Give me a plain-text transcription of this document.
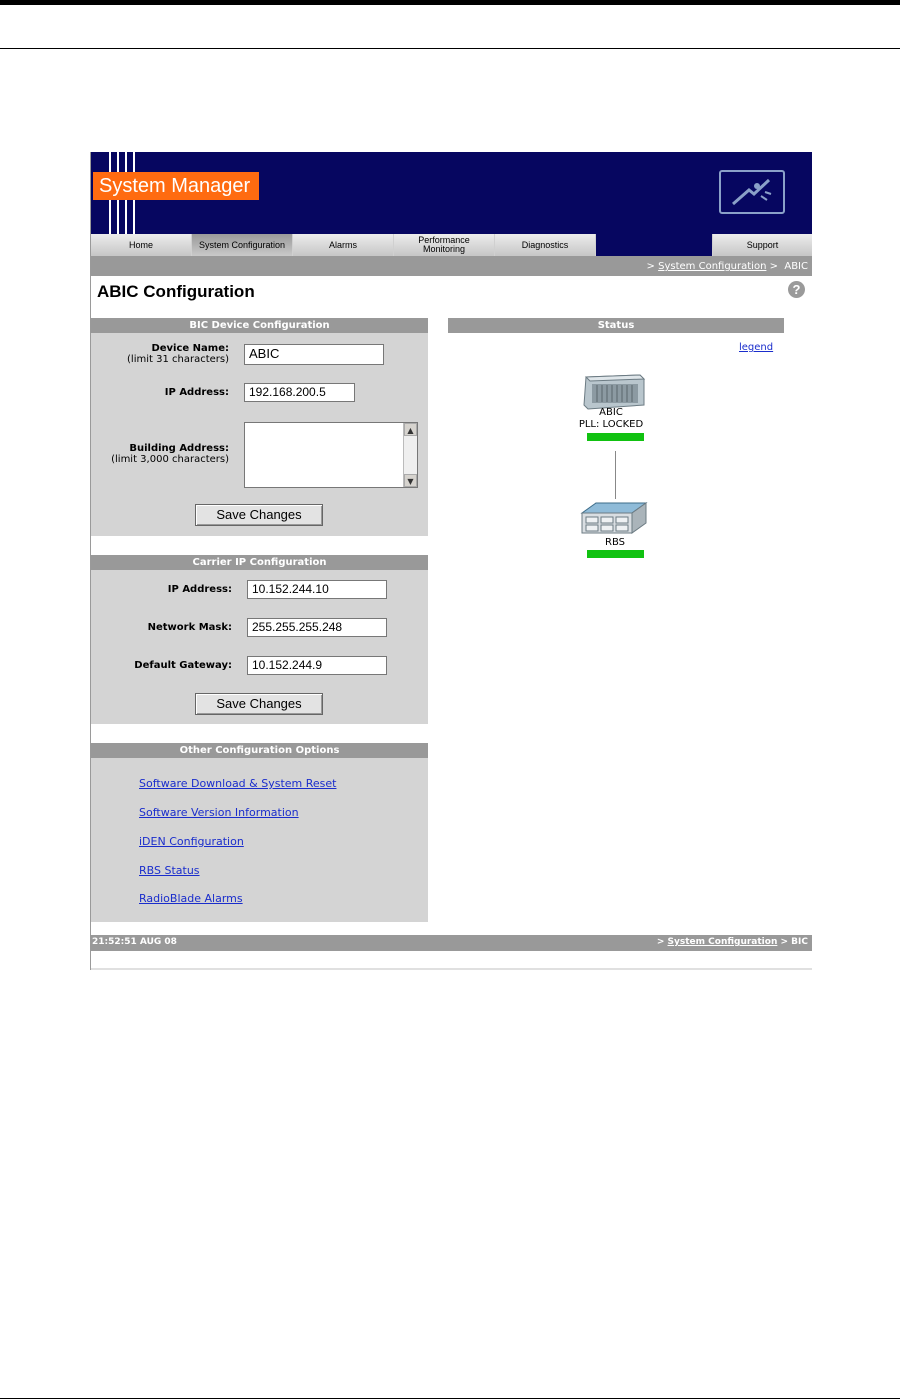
System Manager
Home	System Configuration	Alarms	Performance Monitoring	Diagnostics	Support
> System Configuration > ABIC
ABIC Configuration	?
BIC Device Configuration
Device Name:
(limit 31 characters)	ABIC
IP Address:	192.168.200.5
Building Address:
(limit 3,000 characters)
▲
▼
Save Changes
Carrier IP Configuration
IP Address:	10.152.244.10
Network Mask:	255.255.255.248
Default Gateway:	10.152.244.9
Save Changes
Other Configuration Options
Software Download & System Reset
Software Version Information
iDEN Configuration
RBS Status
RadioBlade Alarms
Status
legend
ABIC
PLL: LOCKED
RBS
21:52:51 AUG 08	> System Configuration > BIC
